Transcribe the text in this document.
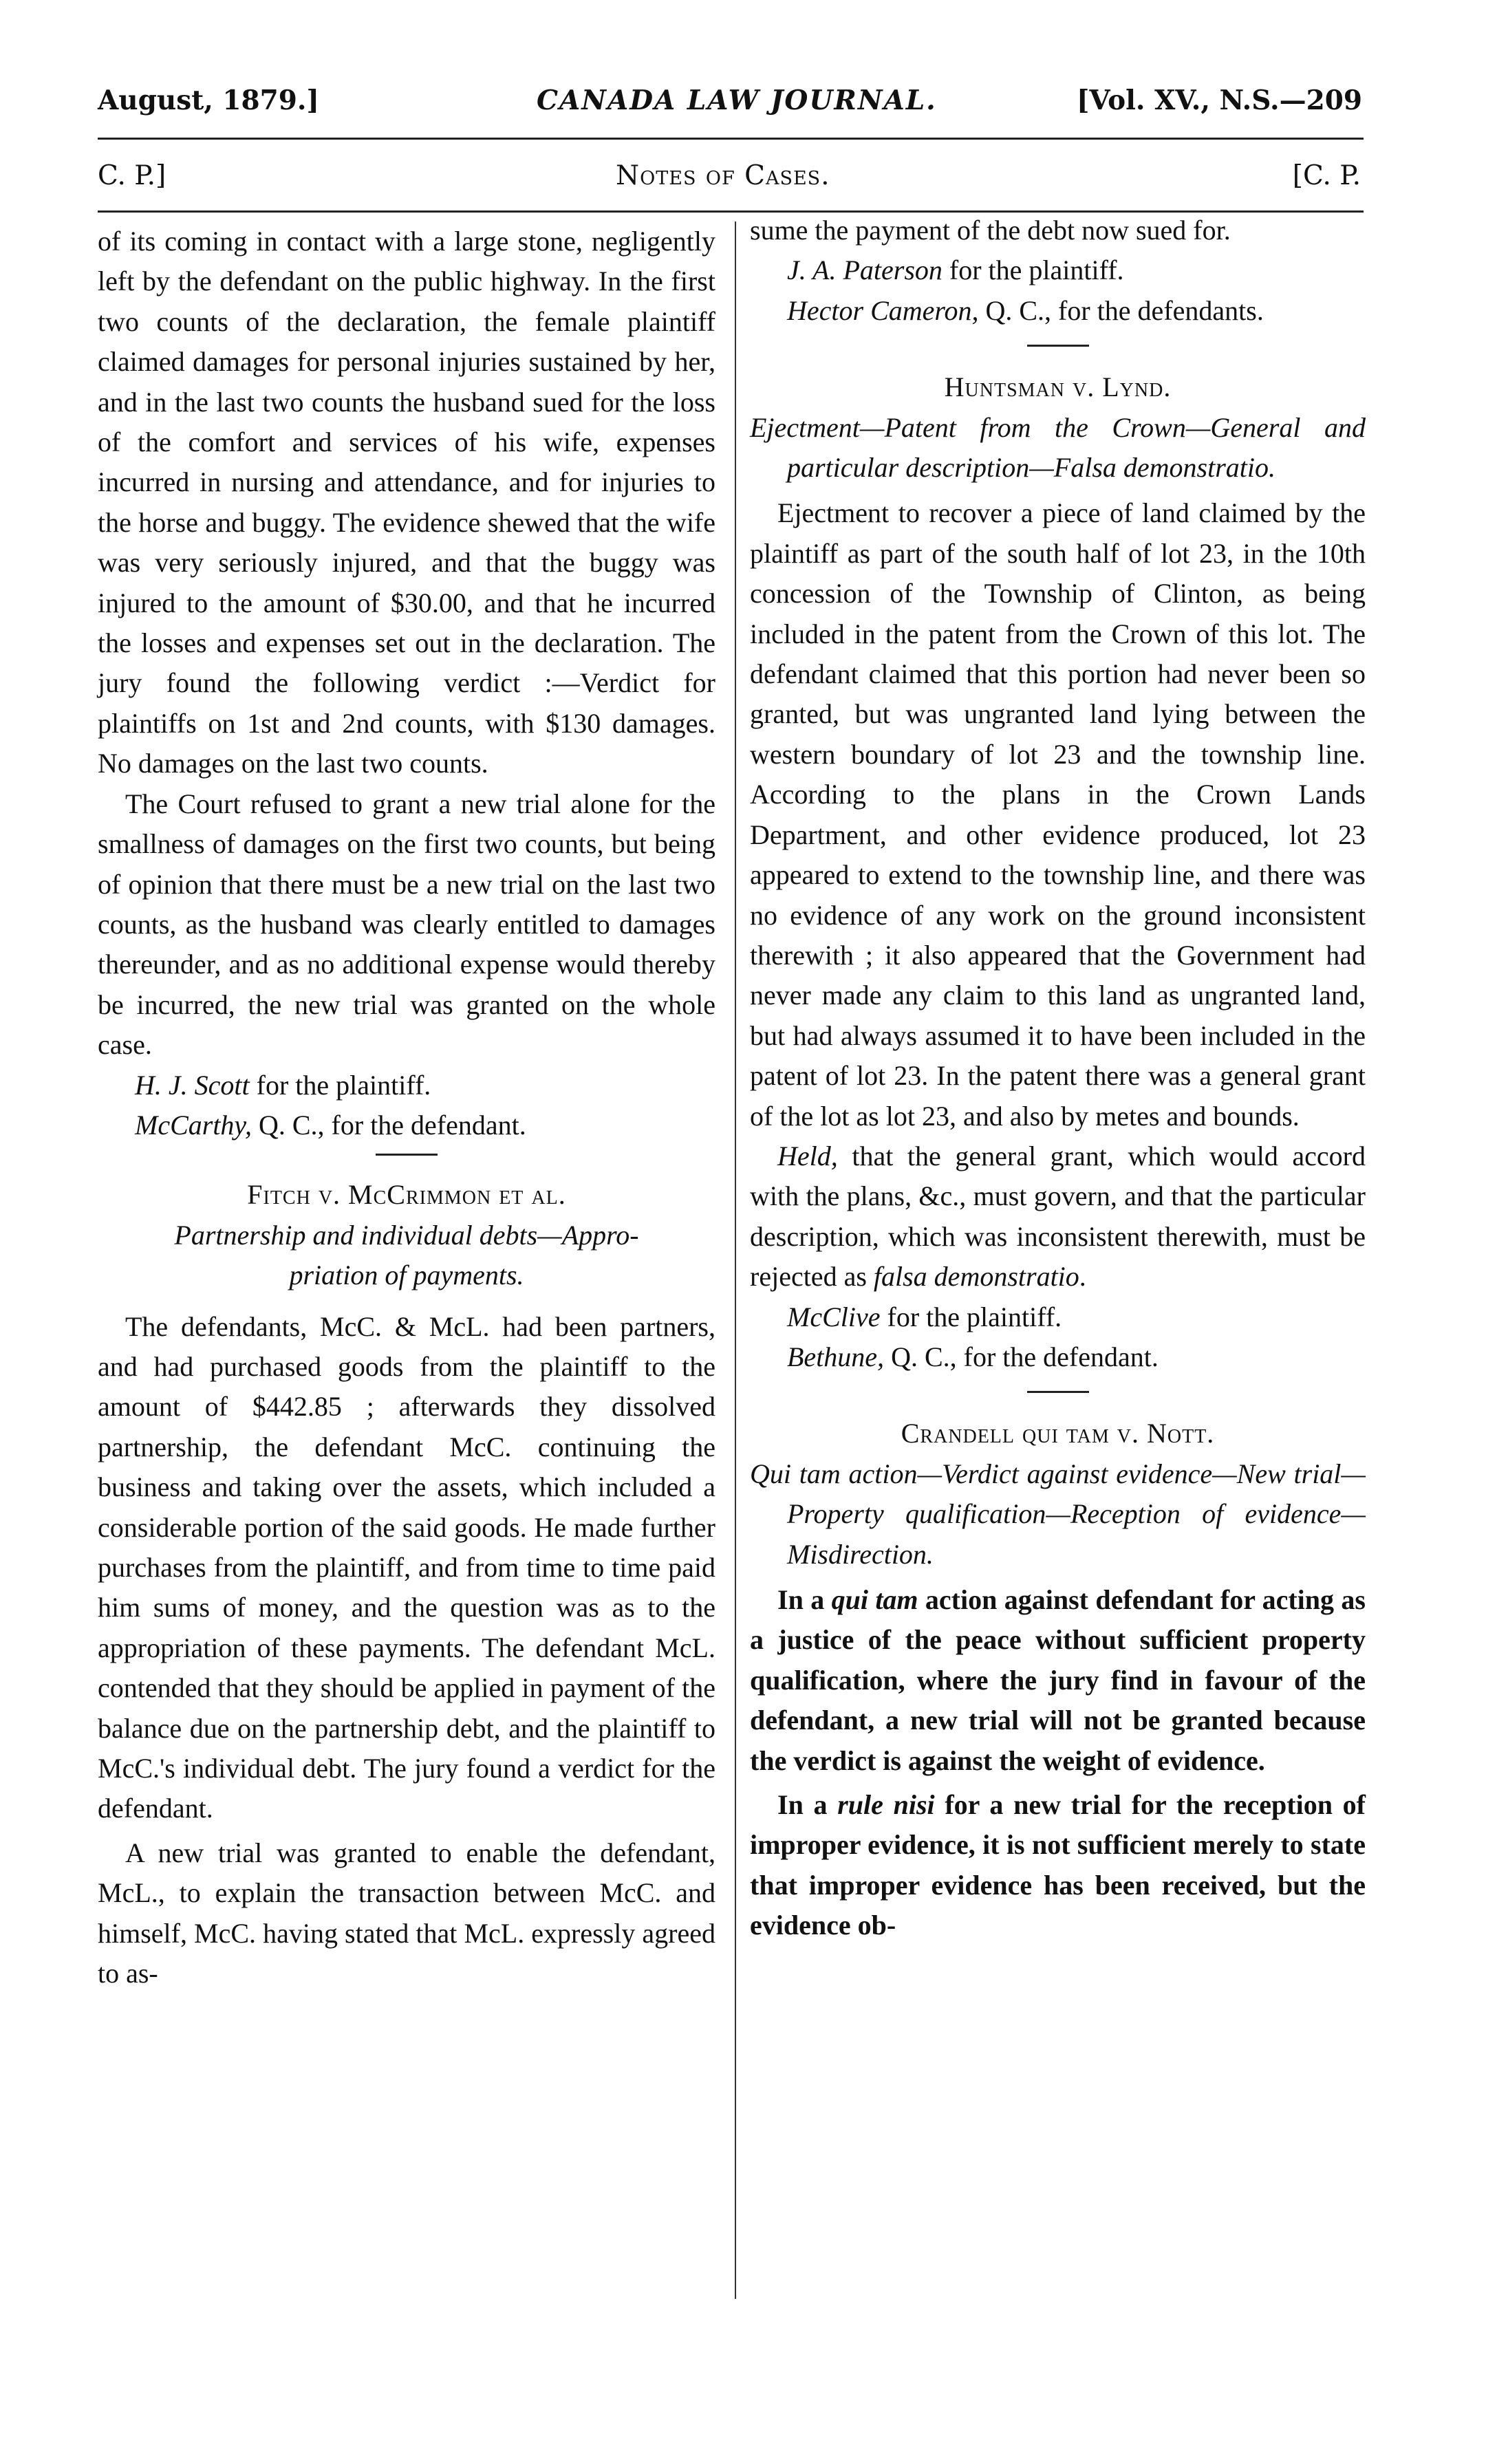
August, 1879.]	CANADA LAW JOURNAL.	[Vol. XV., N.S.—209
C. P.]	Notes of Cases.	[C. P.

of its coming in contact with a large stone, negligently left by the defendant on the public highway. In the first two counts of the declaration, the female plaintiff claimed damages for personal injuries sustained by her, and in the last two counts the husband sued for the loss of the comfort and services of his wife, expenses incurred in nursing and attendance, and for injuries to the horse and buggy. The evidence shewed that the wife was very seriously injured, and that the buggy was injured to the amount of $30.00, and that he incurred the losses and expenses set out in the declaration. The jury found the following verdict :—Verdict for plaintiffs on 1st and 2nd counts, with $130 damages. No damages on the last two counts.

The Court refused to grant a new trial alone for the smallness of damages on the first two counts, but being of opinion that there must be a new trial on the last two counts, as the husband was clearly entitled to damages thereunder, and as no additional expense would thereby be incurred, the new trial was granted on the whole case.

H. J. Scott for the plaintiff.

McCarthy, Q. C., for the defendant.

Fitch v. McCrimmon et al.

Partnership and individual debts—Appro-

priation of payments.

The defendants, McC. & McL. had been partners, and had purchased goods from the plaintiff to the amount of $442.85 ; afterwards they dissolved partnership, the defendant McC. continuing the business and taking over the assets, which included a considerable portion of the said goods. He made further purchases from the plaintiff, and from time to time paid him sums of money, and the question was as to the appropriation of these payments. The defendant McL. contended that they should be applied in payment of the balance due on the partnership debt, and the plaintiff to McC.'s individual debt. The jury found a verdict for the defendant.

A new trial was granted to enable the defendant, McL., to explain the transaction between McC. and himself, McC. having stated that McL. expressly agreed to as-

sume the payment of the debt now sued for.

J. A. Paterson for the plaintiff.

Hector Cameron, Q. C., for the defendants.

Huntsman v. Lynd.

Ejectment—Patent from the Crown—General and particular description—Falsa demonstratio.

Ejectment to recover a piece of land claimed by the plaintiff as part of the south half of lot 23, in the 10th concession of the Township of Clinton, as being included in the patent from the Crown of this lot. The defendant claimed that this portion had never been so granted, but was ungranted land lying between the western boundary of lot 23 and the township line. According to the plans in the Crown Lands Department, and other evidence produced, lot 23 appeared to extend to the township line, and there was no evidence of any work on the ground inconsistent therewith ; it also appeared that the Government had never made any claim to this land as ungranted land, but had always assumed it to have been included in the patent of lot 23. In the patent there was a general grant of the lot as lot 23, and also by metes and bounds.

Held, that the general grant, which would accord with the plans, &c., must govern, and that the particular description, which was inconsistent therewith, must be rejected as falsa demonstratio.

McClive for the plaintiff.

Bethune, Q. C., for the defendant.

Crandell qui tam v. Nott.

Qui tam action—Verdict against evidence—New trial—Property qualification—Reception of evidence—Misdirection.

In a qui tam action against defendant for acting as a justice of the peace without sufficient property qualification, where the jury find in favour of the defendant, a new trial will not be granted because the verdict is against the weight of evidence.

In a rule nisi for a new trial for the reception of improper evidence, it is not sufficient merely to state that improper evidence has been received, but the evidence ob-
